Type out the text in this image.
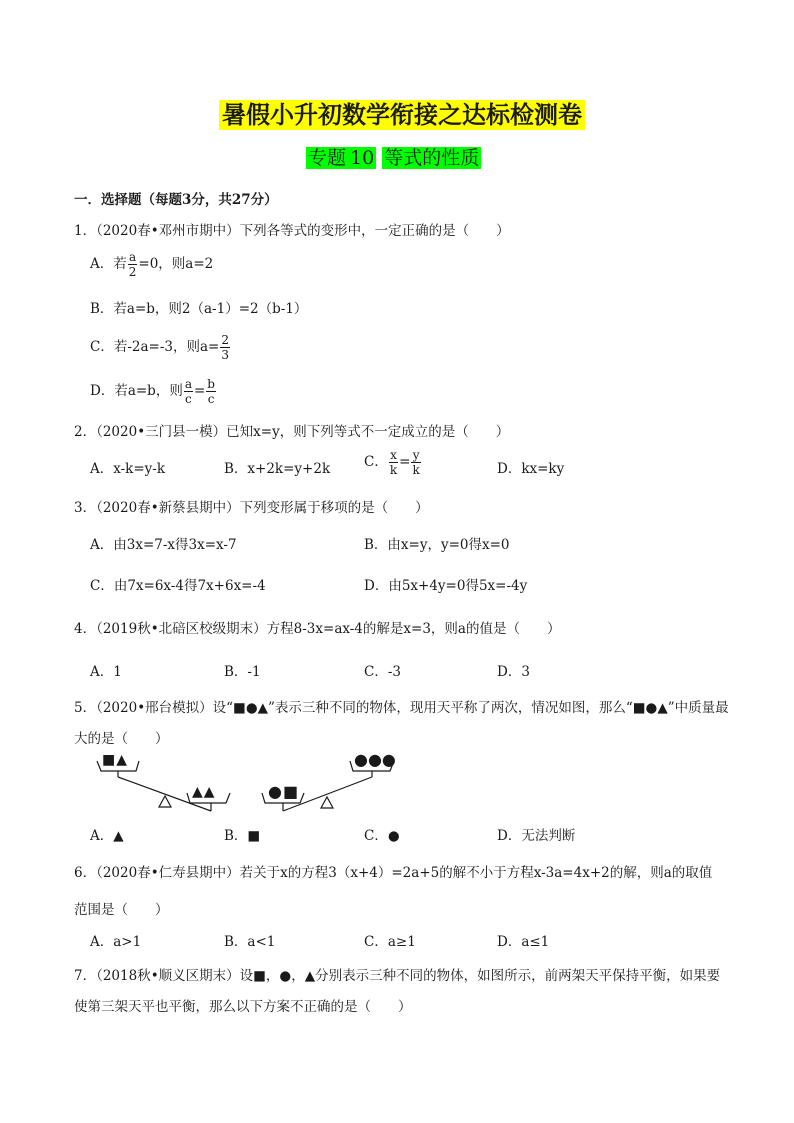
暑假小升初数学衔接之达标检测卷
专题 10 等式的性质
一．选择题（每题3分，共27分）
1．（2020春•邓州市期中）下列各等式的变形中，一定正确的是（　　）
A．若 $\frac{a}{2} =0$，则a=2
B．若a=b，则2（a-1）=2（b-1）
C．若-2a=-3，则$a= \frac{2}{3}$
D．若a=b，则 $\frac{a}{c} = \frac{b}{c}$
2．（2020•三门县一模）已知x=y，则下列等式不一定成立的是（　　）
A．x-k=y-k	B．x+2k=y+2k	C． $\frac{x}{k} = \frac{y}{k}$	D．kx=ky
3．（2020春•新蔡县期中）下列变形属于移项的是（　　）
A．由3x=7-x得3x=x-7	B．由x=y，y=0得x=0
C．由7x=6x-4得7x+6x=-4	D．由5x+4y=0得5x=-4y
4．（2019秋•北碚区校级期末）方程8-3x=ax-4的解是x=3，则a的值是（　　）
A．1	B．-1	C．-3	D．3
5．（2020•邢台模拟）设“■●▲”表示三种不同的物体，现用天平称了两次，情况如图，那么“■●▲”中质量最
大的是（　　）
■▲
▲▲	●■
●●●
A．▲	B．■	C．●	D．无法判断
6．（2020春•仁寿县期中）若关于x的方程3（x+4）=2a+5的解不小于方程x-3a=4x+2的解，则a的取值
范围是（　　）
A．a>1	B．a<1	C．a≥1	D．a≤1
7．（2018秋•顺义区期末）设■，●，▲分别表示三种不同的物体，如图所示，前两架天平保持平衡，如果要
使第三架天平也平衡，那么以下方案不正确的是（　　）
